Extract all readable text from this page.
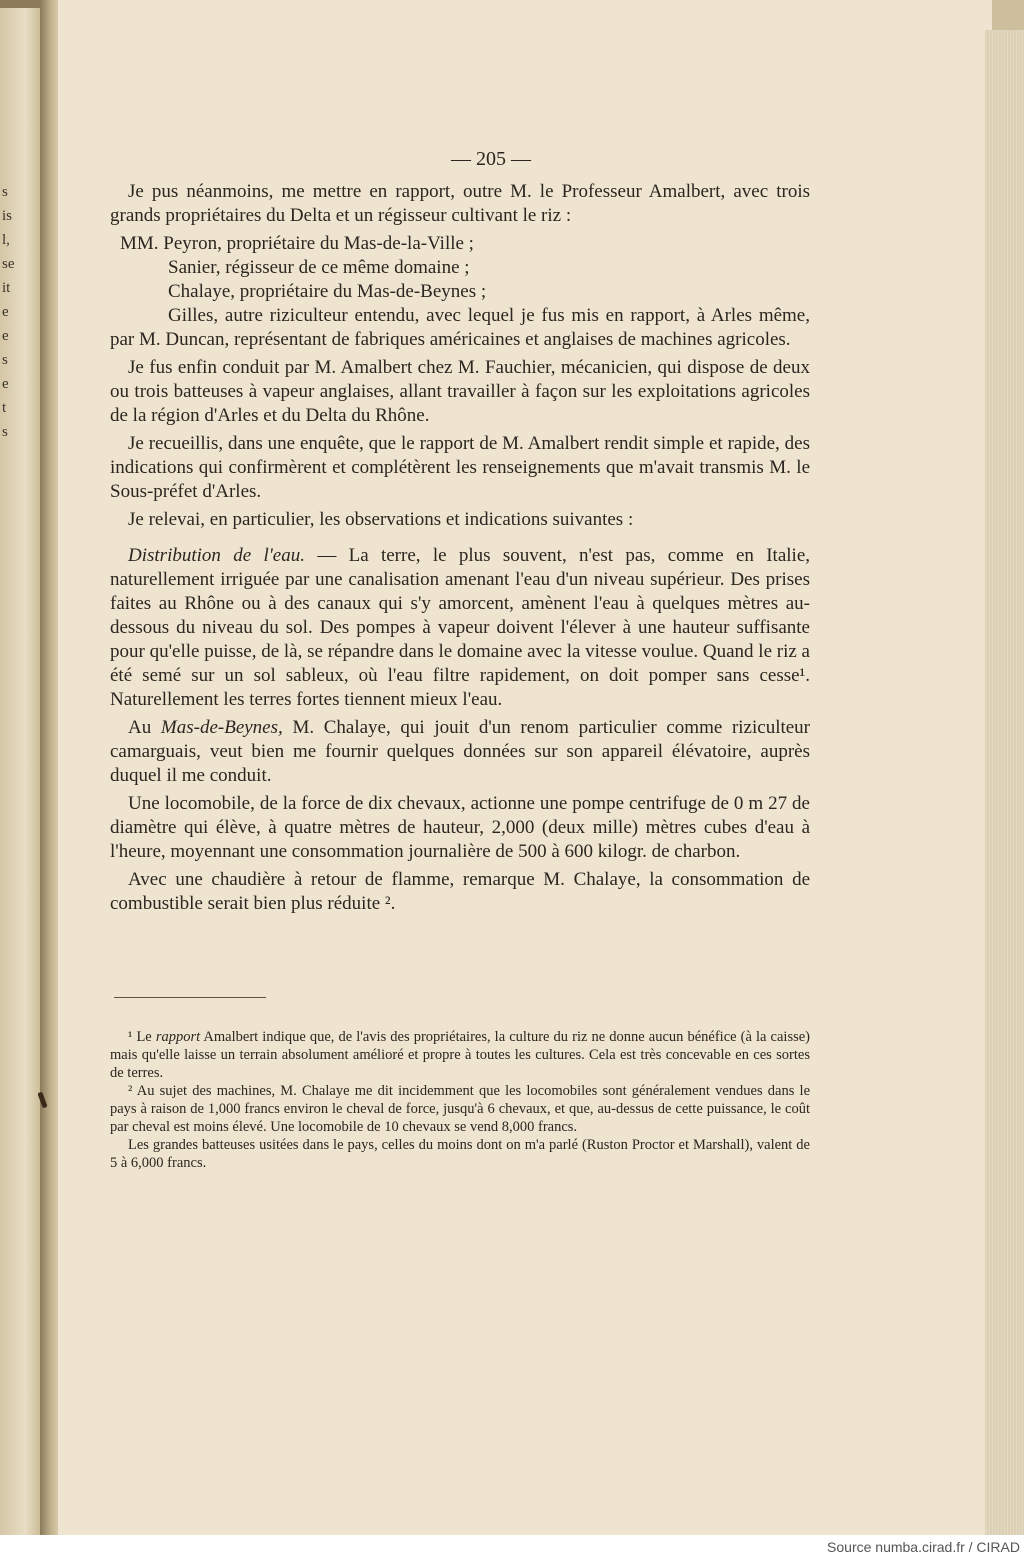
s
is
l,
se
it
e
e
s
e
t
s
— 205 —

Je pus néanmoins, me mettre en rapport, outre M. le Professeur Amalbert, avec trois grands propriétaires du Delta et un régisseur cultivant le riz :

MM. Peyron, propriétaire du Mas-de-la-Ville ;

Sanier, régisseur de ce même domaine ;

Chalaye, propriétaire du Mas-de-Beynes ;

Gilles, autre riziculteur entendu, avec lequel je fus mis en rapport, à Arles même, par M. Duncan, représentant de fabriques américaines et anglaises de machines agricoles.

Je fus enfin conduit par M. Amalbert chez M. Fauchier, mécanicien, qui dispose de deux ou trois batteuses à vapeur anglaises, allant travailler à façon sur les exploitations agricoles de la région d'Arles et du Delta du Rhône.

Je recueillis, dans une enquête, que le rapport de M. Amalbert rendit simple et rapide, des indications qui confirmèrent et complétèrent les renseignements que m'avait transmis M. le Sous-préfet d'Arles.

Je relevai, en particulier, les observations et indications suivantes :

Distribution de l'eau. — La terre, le plus souvent, n'est pas, comme en Italie, naturellement irriguée par une canalisation amenant l'eau d'un niveau supérieur. Des prises faites au Rhône ou à des canaux qui s'y amorcent, amènent l'eau à quelques mètres au-dessous du niveau du sol. Des pompes à vapeur doivent l'élever à une hauteur suffisante pour qu'elle puisse, de là, se répandre dans le domaine avec la vitesse voulue. Quand le riz a été semé sur un sol sableux, où l'eau filtre rapidement, on doit pomper sans cesse¹. Naturellement les terres fortes tiennent mieux l'eau.

Au Mas-de-Beynes, M. Chalaye, qui jouit d'un renom particulier comme riziculteur camarguais, veut bien me fournir quelques données sur son appareil élévatoire, auprès duquel il me conduit.

Une locomobile, de la force de dix chevaux, actionne une pompe centrifuge de 0 m 27 de diamètre qui élève, à quatre mètres de hauteur, 2,000 (deux mille) mètres cubes d'eau à l'heure, moyennant une consommation journalière de 500 à 600 kilogr. de charbon.

Avec une chaudière à retour de flamme, remarque M. Chalaye, la consommation de combustible serait bien plus réduite ².

¹ Le rapport Amalbert indique que, de l'avis des propriétaires, la culture du riz ne donne aucun bénéfice (à la caisse) mais qu'elle laisse un terrain absolument amélioré et propre à toutes les cultures. Cela est très concevable en ces sortes de terres.

² Au sujet des machines, M. Chalaye me dit incidemment que les locomobiles sont généralement vendues dans le pays à raison de 1,000 francs environ le cheval de force, jusqu'à 6 chevaux, et que, au-dessus de cette puissance, le coût par cheval est moins élevé. Une locomobile de 10 chevaux se vend 8,000 francs.

Les grandes batteuses usitées dans le pays, celles du moins dont on m'a parlé (Ruston Proctor et Marshall), valent de 5 à 6,000 francs.

Source numba.cirad.fr / CIRAD
